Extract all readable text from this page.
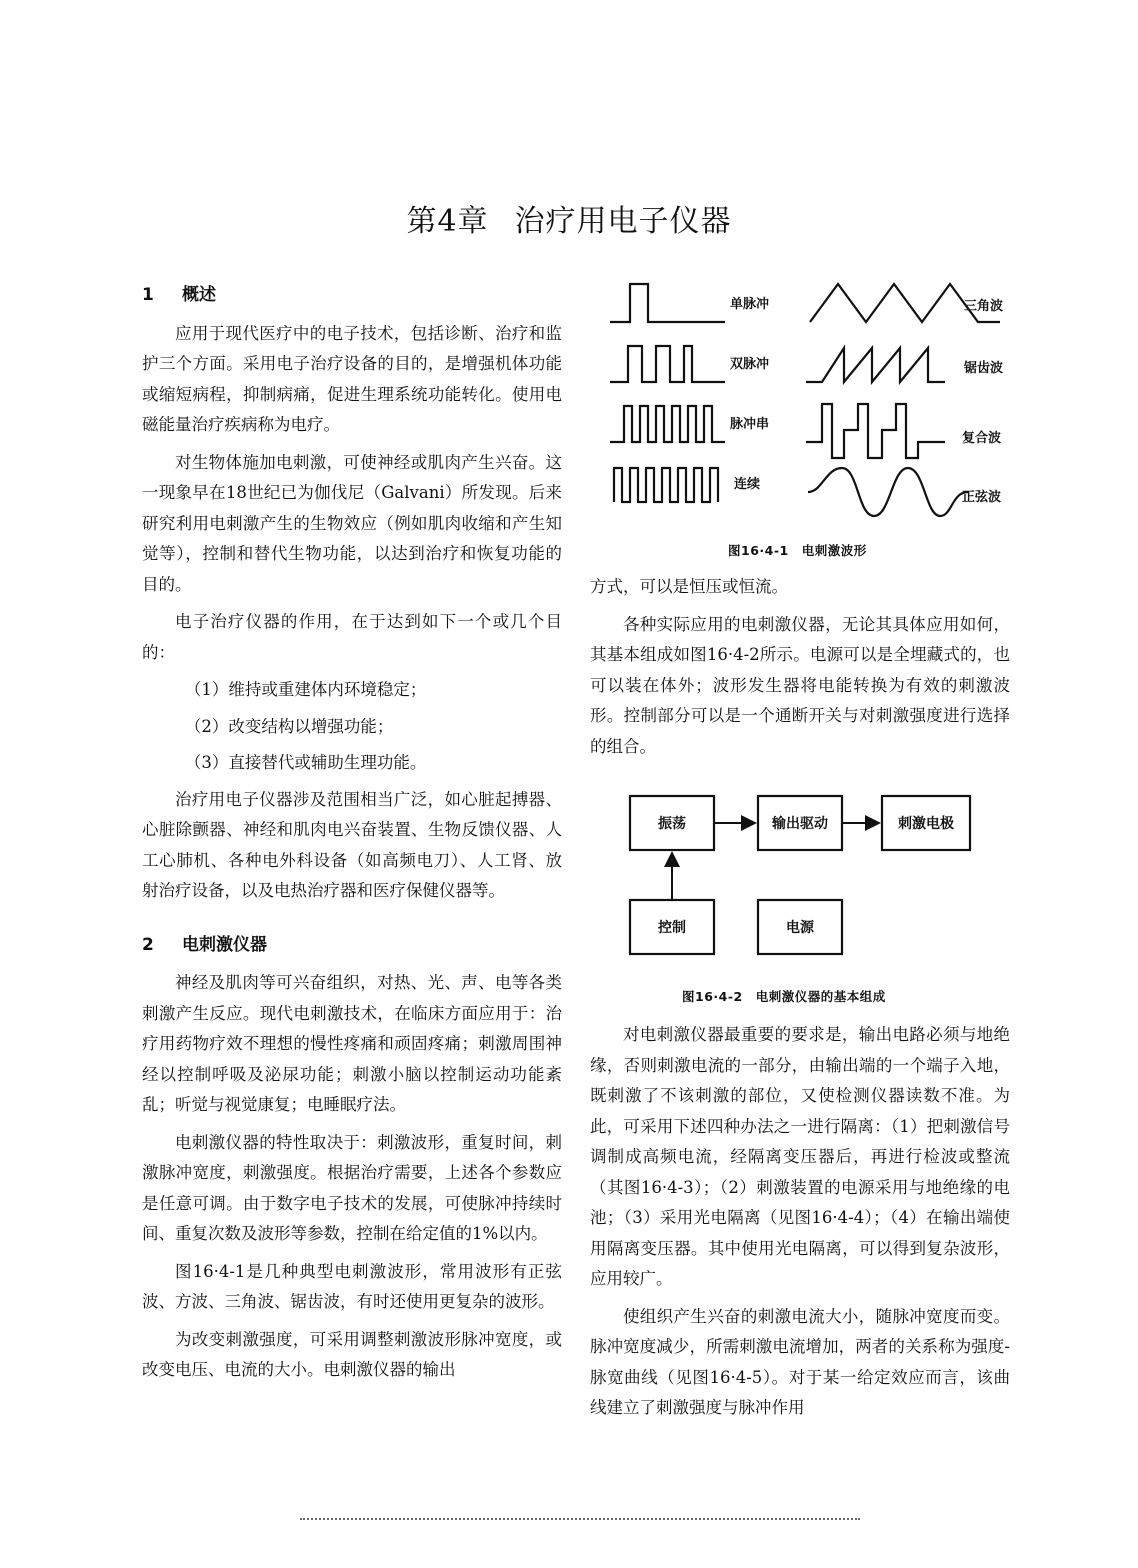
第4章 治疗用电子仪器
1 概述

应用于现代医疗中的电子技术，包括诊断、治疗和监护三个方面。采用电子治疗设备的目的，是增强机体功能或缩短病程，抑制病痛，促进生理系统功能转化。使用电磁能量治疗疾病称为电疗。

对生物体施加电刺激，可使神经或肌肉产生兴奋。这一现象早在18世纪已为伽伐尼（Galvani）所发现。后来研究利用电刺激产生的生物效应（例如肌肉收缩和产生知觉等），控制和替代生物功能，以达到治疗和恢复功能的目的。

电子治疗仪器的作用，在于达到如下一个或几个目的：

（1）维持或重建体内环境稳定；

（2）改变结构以增强功能；

（3）直接替代或辅助生理功能。

治疗用电子仪器涉及范围相当广泛，如心脏起搏器、心脏除颤器、神经和肌肉电兴奋装置、生物反馈仪器、人工心肺机、各种电外科设备（如高频电刀）、人工肾、放射治疗设备，以及电热治疗器和医疗保健仪器等。

2 电刺激仪器

神经及肌肉等可兴奋组织，对热、光、声、电等各类刺激产生反应。现代电刺激技术，在临床方面应用于：治疗用药物疗效不理想的慢性疼痛和顽固疼痛；刺激周围神经以控制呼吸及泌尿功能；刺激小脑以控制运动功能紊乱；听觉与视觉康复；电睡眠疗法。

电刺激仪器的特性取决于：刺激波形，重复时间，刺激脉冲宽度，刺激强度。根据治疗需要，上述各个参数应是任意可调。由于数字电子技术的发展，可使脉冲持续时间、重复次数及波形等参数，控制在给定值的1%以内。

图16·4-1是几种典型电刺激波形，常用波形有正弦波、方波、三角波、锯齿波，有时还使用更复杂的波形。

为改变刺激强度，可采用调整刺激波形脉冲宽度，或改变电压、电流的大小。电刺激仪器的输出

单脉冲
双脉冲
脉冲串
连续
三角波
锯齿波
复合波
正弦波
图16·4-1　电刺激波形

方式，可以是恒压或恒流。

各种实际应用的电刺激仪器，无论其具体应用如何，其基本组成如图16·4-2所示。电源可以是全埋藏式的，也可以装在体外；波形发生器将电能转换为有效的刺激波形。控制部分可以是一个通断开关与对刺激强度进行选择的组合。

振荡	输出驱动	刺激电极
控制	电源
图16·4-2　电刺激仪器的基本组成

对电刺激仪器最重要的要求是，输出电路必须与地绝缘，否则刺激电流的一部分，由输出端的一个端子入地，既刺激了不该刺激的部位，又使检测仪器读数不准。为此，可采用下述四种办法之一进行隔离：（1）把刺激信号调制成高频电流，经隔离变压器后，再进行检波或整流（其图16·4-3）；（2）刺激装置的电源采用与地绝缘的电池；（3）采用光电隔离（见图16·4-4）；（4）在输出端使用隔离变压器。其中使用光电隔离，可以得到复杂波形，应用较广。

使组织产生兴奋的刺激电流大小，随脉冲宽度而变。脉冲宽度减少，所需刺激电流增加，两者的关系称为强度-脉宽曲线（见图16·4-5）。对于某一给定效应而言，该曲线建立了刺激强度与脉冲作用
